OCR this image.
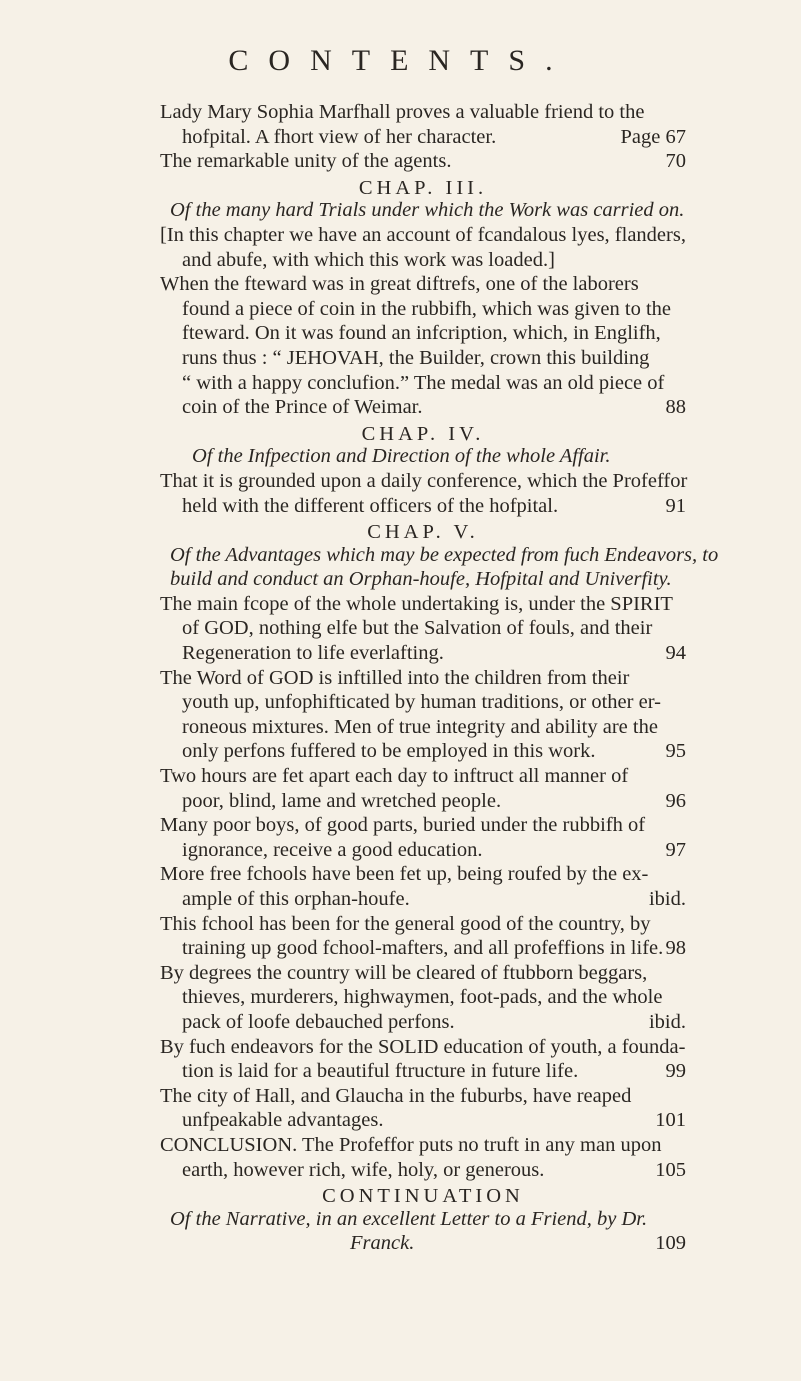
CONTENTS.
Lady Mary Sophia Marfhall proves a valuable friend to the
hofpital. A fhort view of her character.	Page 67
The remarkable unity of the agents.	70
CHAP. III.
Of the many hard Trials under which the Work was carried on.
[In this chapter we have an account of fcandalous lyes, flanders,
and abufe, with which this work was loaded.]
When the fteward was in great diftrefs, one of the laborers
found a piece of coin in the rubbifh, which was given to the
fteward. On it was found an infcription, which, in Englifh,
runs thus : “ JEHOVAH, the Builder, crown this building
“ with a happy conclufion.” The medal was an old piece of
coin of the Prince of Weimar.	88
CHAP. IV.
Of the Infpection and Direction of the whole Affair.
That it is grounded upon a daily conference, which the Profeffor
held with the different officers of the hofpital.	91
CHAP. V.
Of the Advantages which may be expected from fuch Endeavors, to
build and conduct an Orphan-houfe, Hofpital and Univerfity.
The main fcope of the whole undertaking is, under the SPIRIT
of GOD, nothing elfe but the Salvation of fouls, and their
Regeneration to life everlafting.	94
The Word of GOD is inftilled into the children from their
youth up, unfophifticated by human traditions, or other er-
roneous mixtures. Men of true integrity and ability are the
only perfons fuffered to be employed in this work.	95
Two hours are fet apart each day to inftruct all manner of
poor, blind, lame and wretched people.	96
Many poor boys, of good parts, buried under the rubbifh of
ignorance, receive a good education.	97
More free fchools have been fet up, being roufed by the ex-
ample of this orphan-houfe.	ibid.
This fchool has been for the general good of the country, by
training up good fchool-mafters, and all profeffions in life. 98
By degrees the country will be cleared of ftubborn beggars,
thieves, murderers, highwaymen, foot-pads, and the whole
pack of loofe debauched perfons.	ibid.
By fuch endeavors for the SOLID education of youth, a founda-
tion is laid for a beautiful ftructure in future life.	99
The city of Hall, and Glaucha in the fuburbs, have reaped
unfpeakable advantages.	101
CONCLUSION. The Profeffor puts no truft in any man upon
earth, however rich, wife, holy, or generous.	105
CONTINUATION
Of the Narrative, in an excellent Letter to a Friend, by Dr.
Franck.	109
